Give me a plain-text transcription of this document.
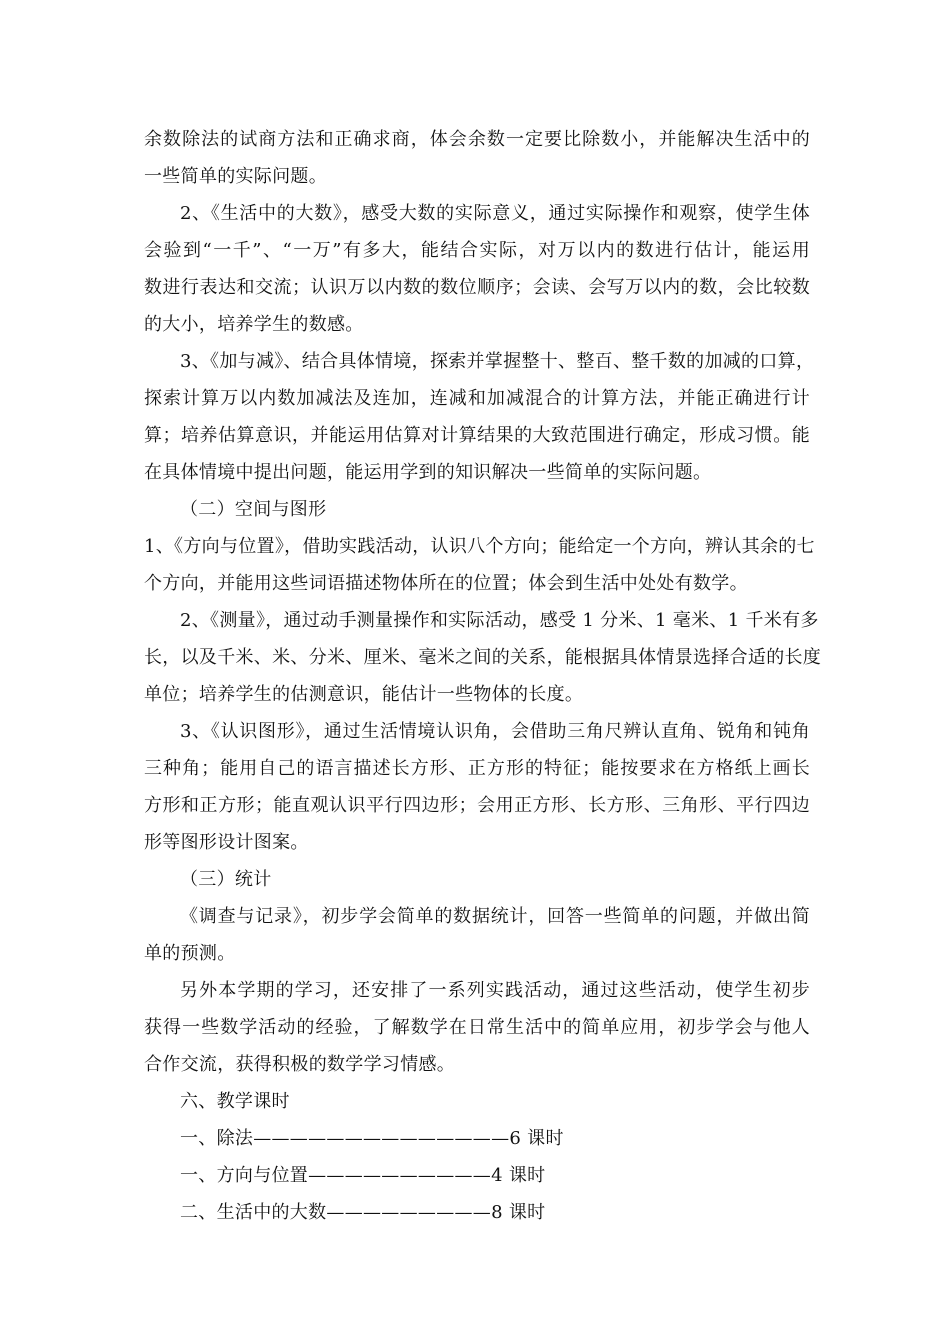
余数除法的试商方法和正确求商，体会余数一定要比除数小，并能解决生活中的
一些简单的实际问题。
2、《生活中的大数》，感受大数的实际意义，通过实际操作和观察，使学生体
会验到“一千”、“一万”有多大，能结合实际，对万以内的数进行估计，能运用
数进行表达和交流；认识万以内数的数位顺序；会读、会写万以内的数，会比较数
的大小，培养学生的数感。
3、《加与减》、结合具体情境，探索并掌握整十、整百、整千数的加减的口算，
探索计算万以内数加减法及连加，连减和加减混合的计算方法，并能正确进行计
算；培养估算意识，并能运用估算对计算结果的大致范围进行确定，形成习惯。能
在具体情境中提出问题，能运用学到的知识解决一些简单的实际问题。
（二）空间与图形
1、《方向与位置》，借助实践活动，认识八个方向；能给定一个方向，辨认其余的七
个方向，并能用这些词语描述物体所在的位置；体会到生活中处处有数学。
2、《测量》，通过动手测量操作和实际活动，感受 1 分米、1 毫米、1 千米有多
长，以及千米、米、分米、厘米、毫米之间的关系，能根据具体情景选择合适的长度
单位；培养学生的估测意识，能估计一些物体的长度。
3、《认识图形》，通过生活情境认识角，会借助三角尺辨认直角、锐角和钝角
三种角；能用自己的语言描述长方形、正方形的特征；能按要求在方格纸上画长
方形和正方形；能直观认识平行四边形；会用正方形、长方形、三角形、平行四边
形等图形设计图案。
（三）统计
《调查与记录》，初步学会简单的数据统计，回答一些简单的问题，并做出简
单的预测。
另外本学期的学习，还安排了一系列实践活动，通过这些活动，使学生初步
获得一些数学活动的经验，了解数学在日常生活中的简单应用，初步学会与他人
合作交流，获得积极的数学学习情感。
六、教学课时
一、除法——————————————6 课时
一、方向与位置——————————4 课时
二、生活中的大数—————————8 课时
